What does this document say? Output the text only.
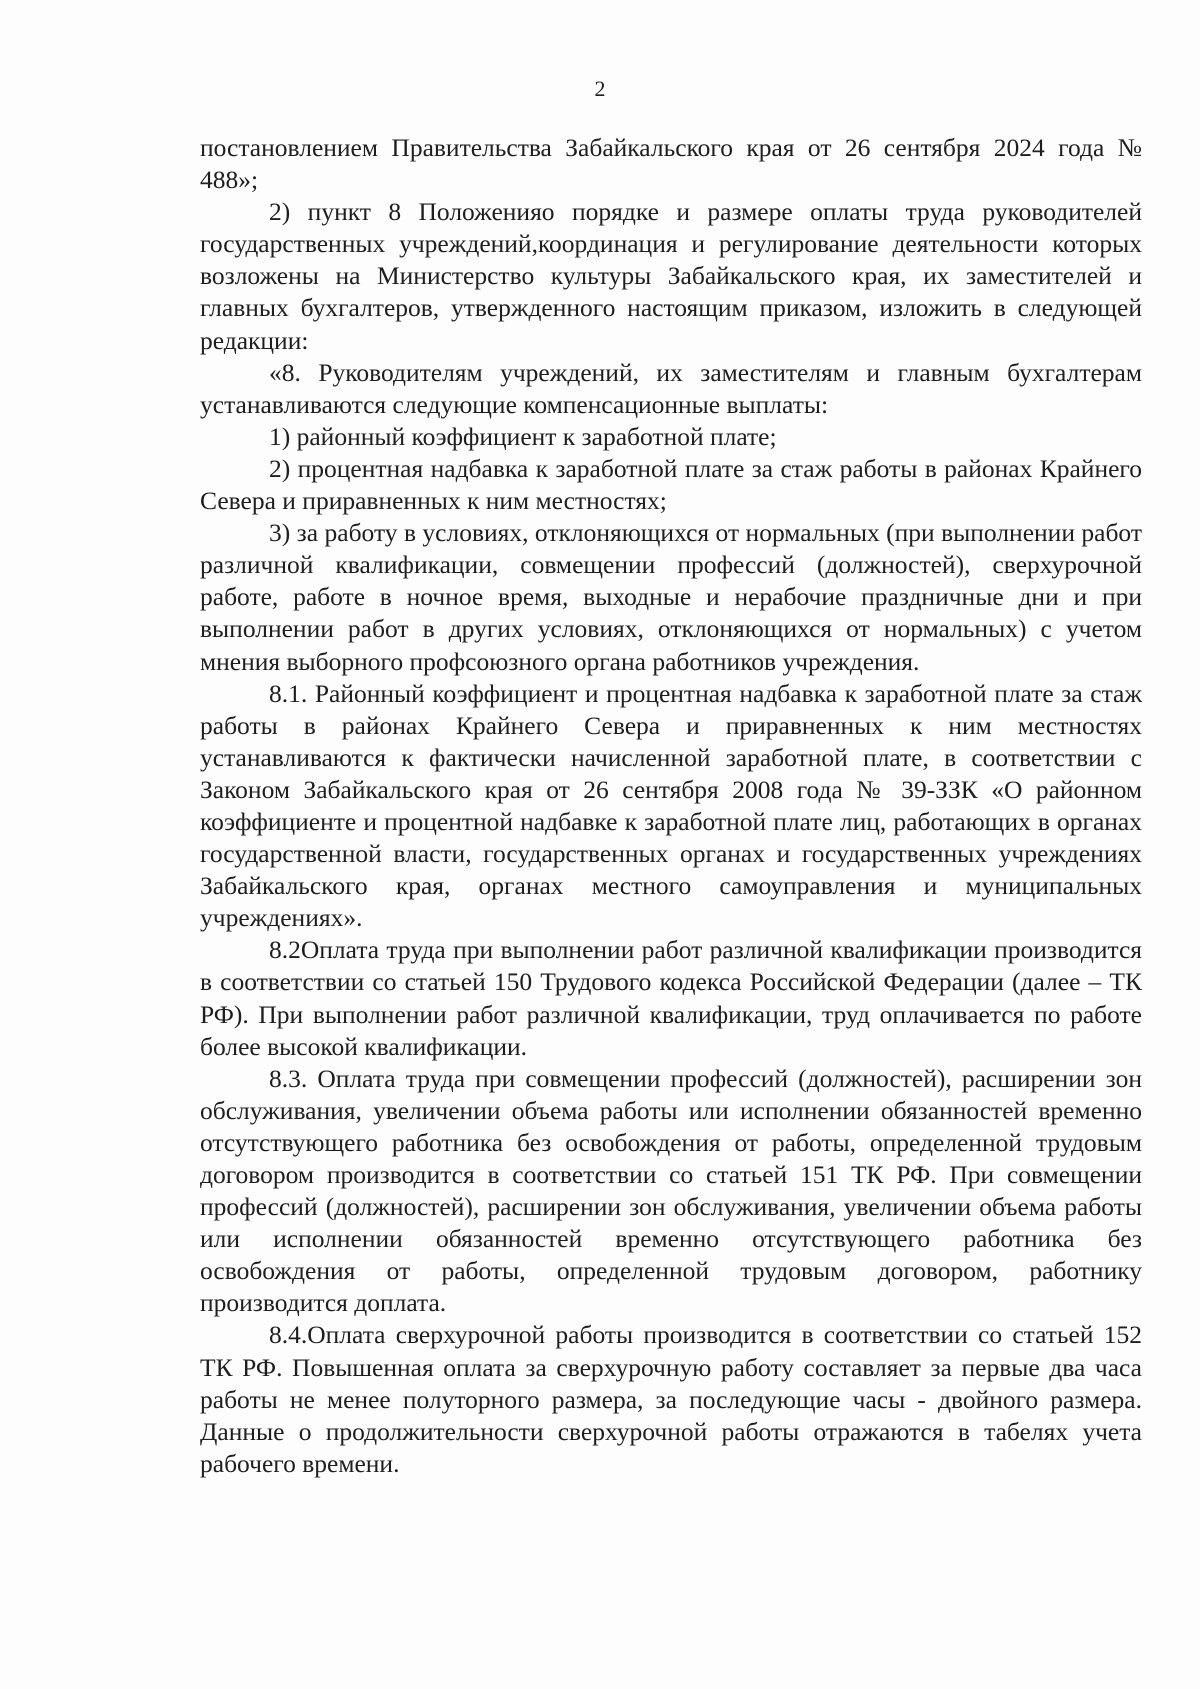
2

постановлением Правительства Забайкальского края от 26 сентября 2024 года № 488»;

2) пункт 8 Положенияо порядке и размере оплаты труда руководителей государственных учреждений,координация и регулирование деятельности которых возложены на Министерство культуры Забайкальского края, их заместителей и главных бухгалтеров, утвержденного настоящим приказом, изложить в следующей редакции:

«8. Руководителям учреждений, их заместителям и главным бухгалтерам устанавливаются следующие компенсационные выплаты:

1) районный коэффициент к заработной плате;

2) процентная надбавка к заработной плате за стаж работы в районах Крайнего Севера и приравненных к ним местностях;

3) за работу в условиях, отклоняющихся от нормальных (при выполнении работ различной квалификации, совмещении профессий (должностей), сверхурочной работе, работе в ночное время, выходные и нерабочие праздничные дни и при выполнении работ в других условиях, отклоняющихся от нормальных) с учетом мнения выборного профсоюзного органа работников учреждения.

8.1. Районный коэффициент и процентная надбавка к заработной плате за стаж работы в районах Крайнего Севера и приравненных к ним местностях устанавливаются к фактически начисленной заработной плате, в соответствии с Законом Забайкальского края от 26 сентября 2008 года № 39-ЗЗК «О районном коэффициенте и процентной надбавке к заработной плате лиц, работающих в органах государственной власти, государственных органах и государственных учреждениях Забайкальского края, органах местного самоуправления и муниципальных учреждениях».

8.2Оплата труда при выполнении работ различной квалификации производится в соответствии со статьей 150 Трудового кодекса Российской Федерации (далее – ТК РФ). При выполнении работ различной квалификации, труд оплачивается по работе более высокой квалификации.

8.3. Оплата труда при совмещении профессий (должностей), расширении зон обслуживания, увеличении объема работы или исполнении обязанностей временно отсутствующего работника без освобождения от работы, определенной трудовым договором производится в соответствии со статьей 151 ТК РФ. При совмещении профессий (должностей), расширении зон обслуживания, увеличении объема работы или исполнении обязанностей временно отсутствующего работника без освобождения от работы, определенной трудовым договором, работнику производится доплата.

8.4.Оплата сверхурочной работы производится в соответствии со статьей 152 ТК РФ. Повышенная оплата за сверхурочную работу составляет за первые два часа работы не менее полуторного размера, за последующие часы - двойного размера. Данные о продолжительности сверхурочной работы отражаются в табелях учета рабочего времени.
